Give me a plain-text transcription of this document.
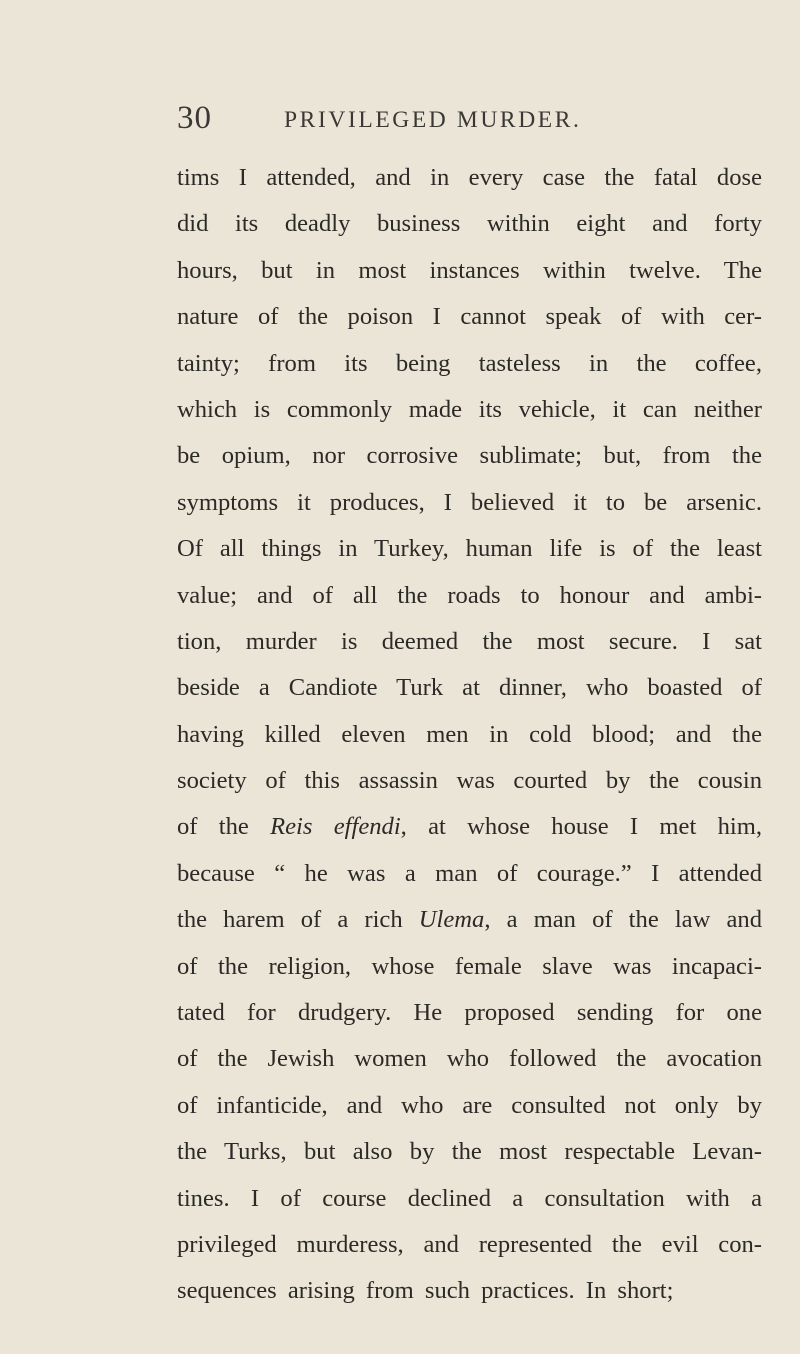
30	PRIVILEGED MURDER.
tims I attended, and in every case the fatal dose
did its deadly business within eight and forty
hours, but in most instances within twelve. The
nature of the poison I cannot speak of with cer-
tainty; from its being tasteless in the coffee,
which is commonly made its vehicle, it can neither
be opium, nor corrosive sublimate; but, from the
symptoms it produces, I believed it to be arsenic.
Of all things in Turkey, human life is of the least
value; and of all the roads to honour and ambi-
tion, murder is deemed the most secure. I sat
beside a Candiote Turk at dinner, who boasted of
having killed eleven men in cold blood; and the
society of this assassin was courted by the cousin
of the Reis effendi, at whose house I met him,
because “ he was a man of courage.” I attended
the harem of a rich Ulema, a man of the law and
of the religion, whose female slave was incapaci-
tated for drudgery. He proposed sending for one
of the Jewish women who followed the avocation
of infanticide, and who are consulted not only by
the Turks, but also by the most respectable Levan-
tines. I of course declined a consultation with a
privileged murderess, and represented the evil con-
sequences arising from such practices. In short;
